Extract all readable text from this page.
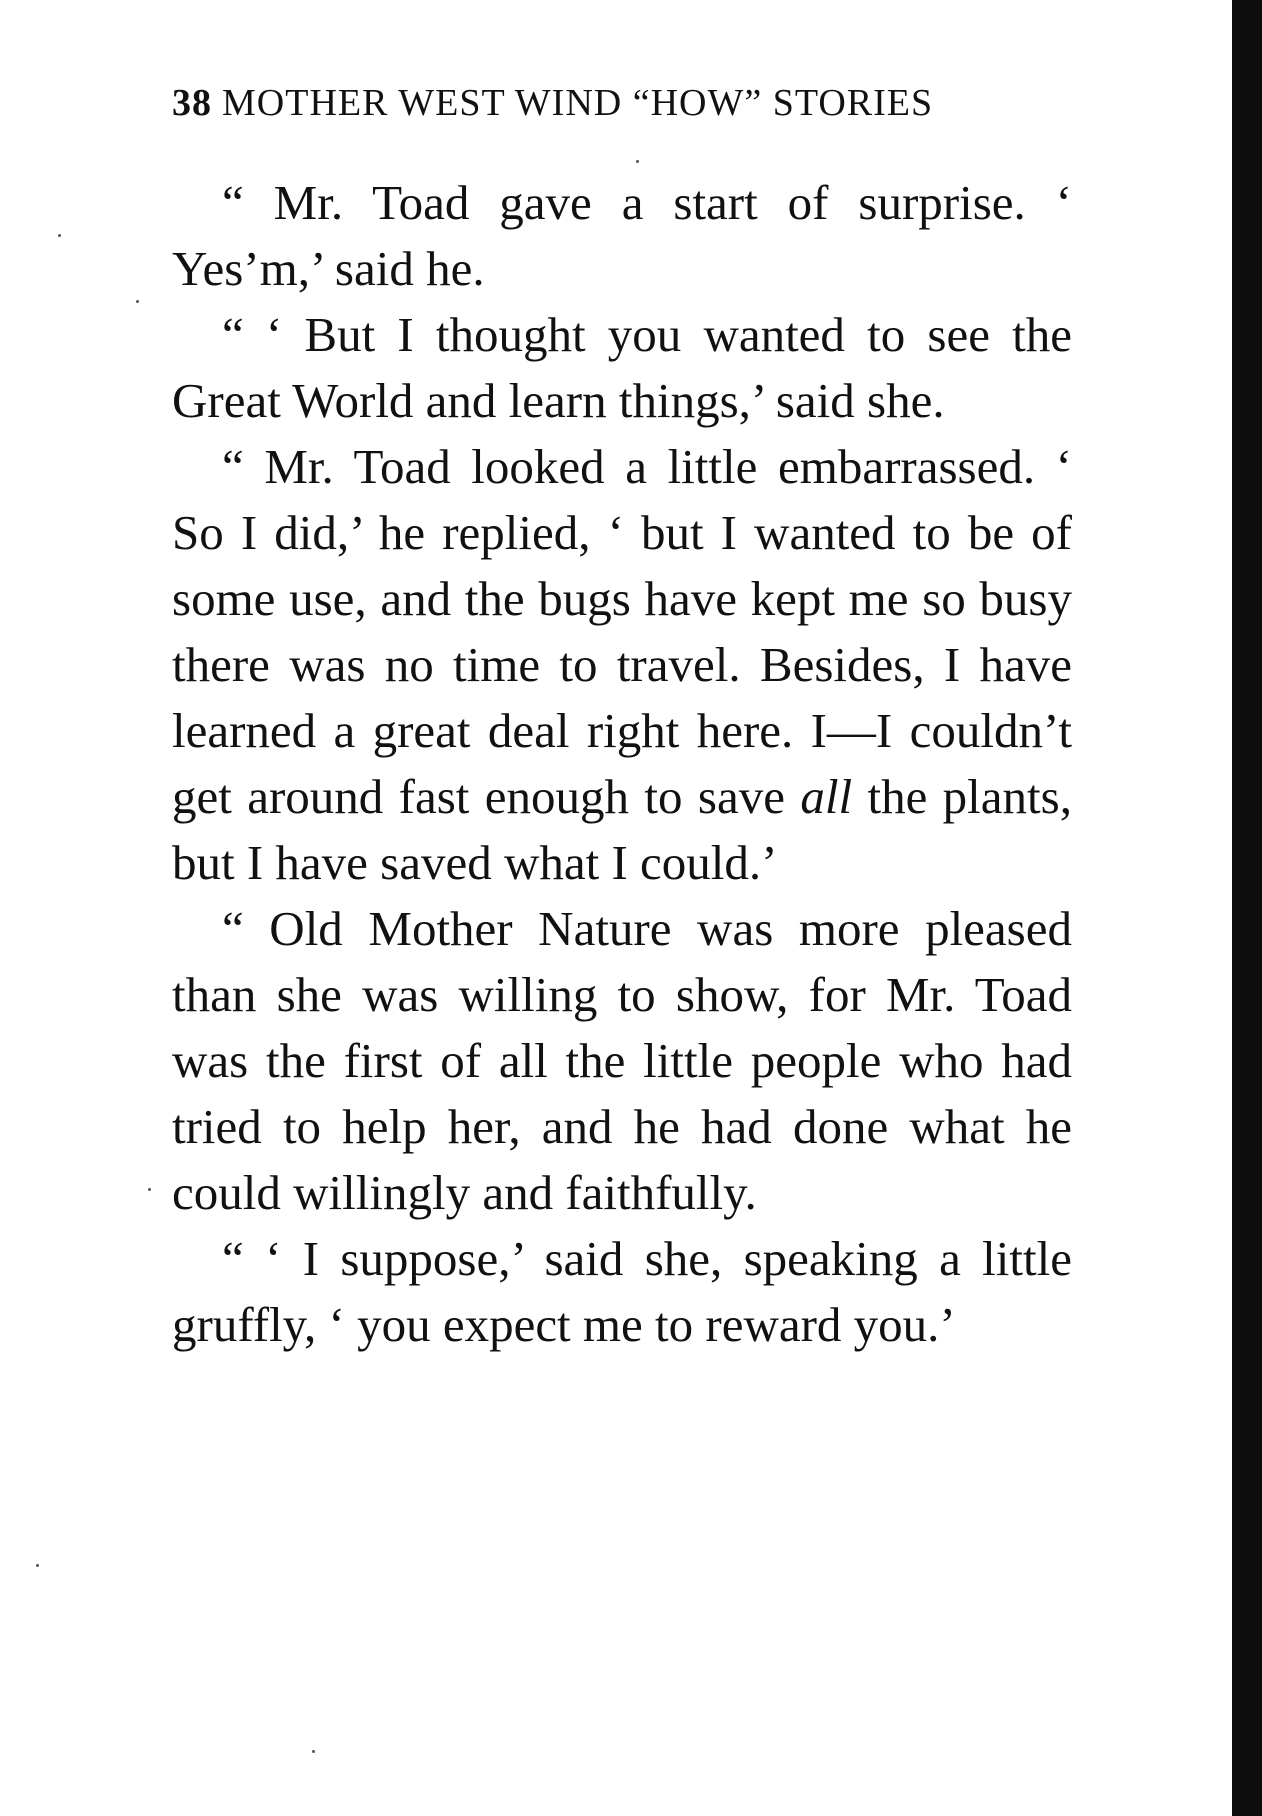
38 MOTHER WEST WIND “HOW” STORIES

“ Mr. Toad gave a start of surprise. ‘ Yes’m,’ said he.

“ ‘ But I thought you wanted to see the Great World and learn things,’ said she.

“ Mr. Toad looked a little embarrassed. ‘ So I did,’ he replied, ‘ but I wanted to be of some use, and the bugs have kept me so busy there was no time to travel. Besides, I have learned a great deal right here. I—I couldn’t get around fast enough to save all the plants, but I have saved what I could.’

“ Old Mother Nature was more pleased than she was willing to show, for Mr. Toad was the first of all the little people who had tried to help her, and he had done what he could willingly and faithfully.

“ ‘ I suppose,’ said she, speaking a little gruffly, ‘ you expect me to reward you.’
